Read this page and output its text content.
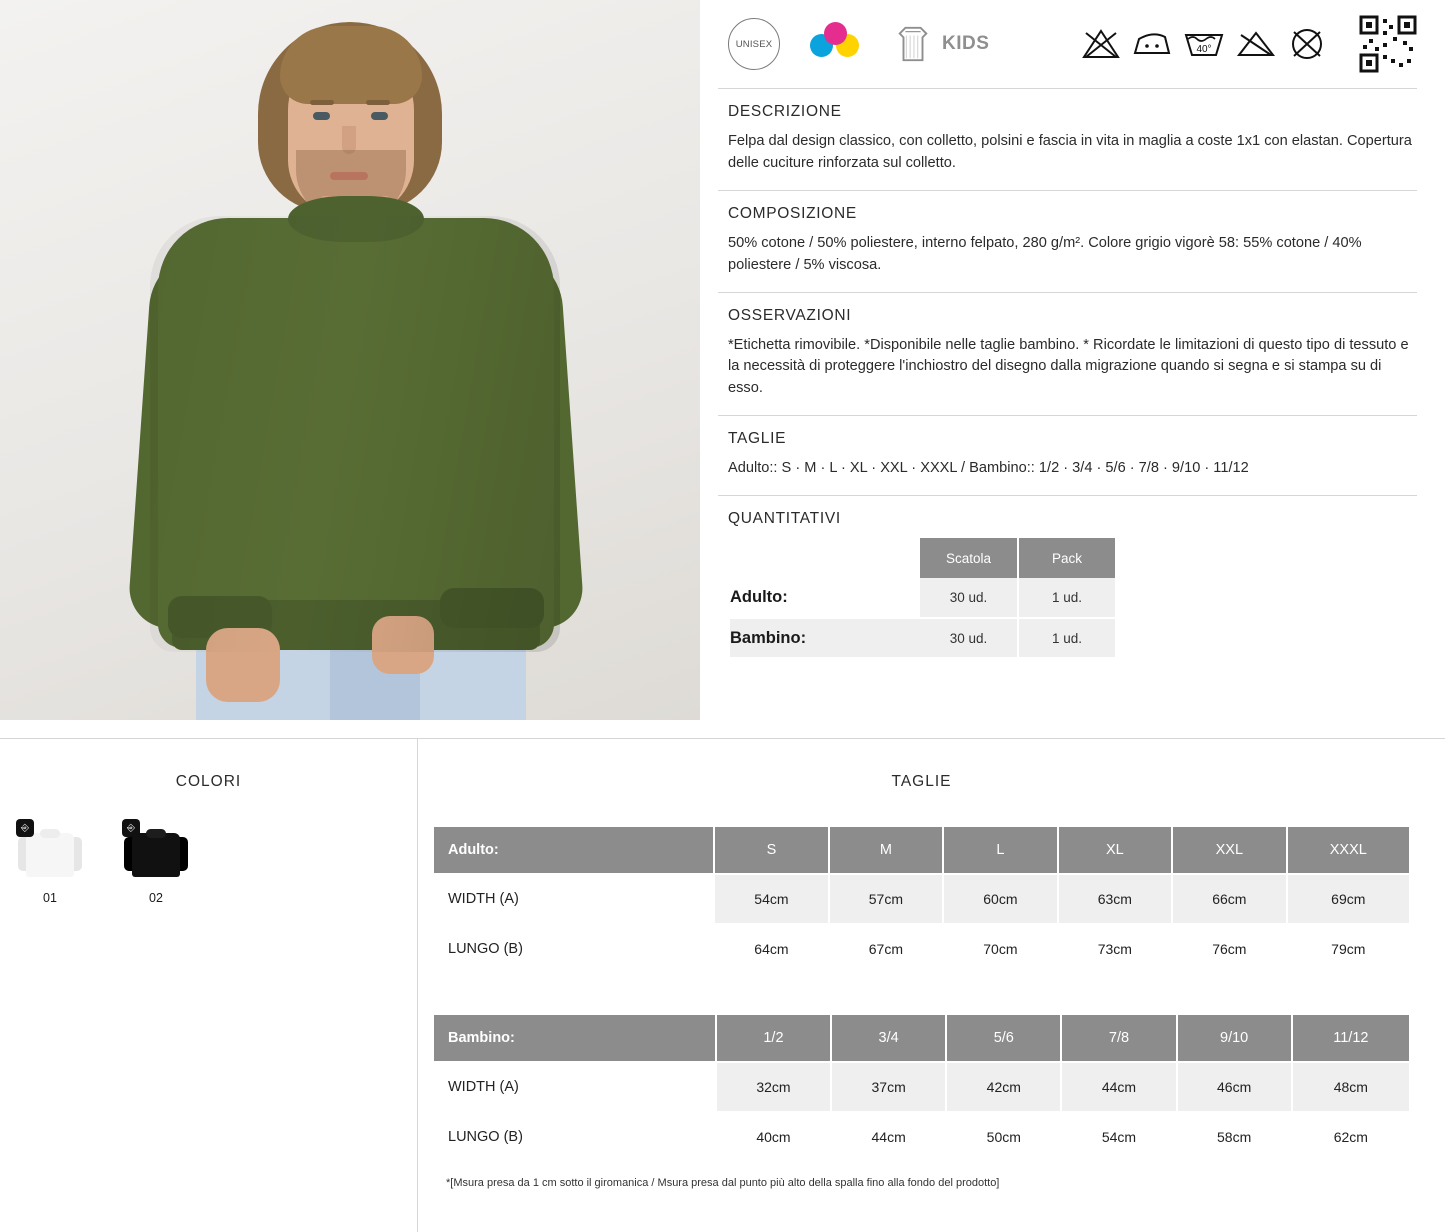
UNISEX	KIDS	40°
DESCRIZIONE

Felpa dal design classico, con colletto, polsini e fascia in vita in maglia a coste 1x1 con elastan. Copertura delle cuciture rinforzata sul colletto.

COMPOSIZIONE

50% cotone / 50% poliestere, interno felpato, 280 g/m². Colore grigio vigorè 58: 55% cotone / 40% poliestere / 5% viscosa.

OSSERVAZIONI

*Etichetta rimovibile. *Disponibile nelle taglie bambino. * Ricordate le limitazioni di questo tipo di tessuto e la necessità di proteggere l'inchiostro del disegno dalla migrazione quando si segna e si stampa su di esso.

TAGLIE

Adulto:: S · M · L · XL · XXL · XXXL / Bambino:: 1/2 · 3/4 · 5/6 · 7/8 · 9/10 · 11/12

QUANTITATIVI
	Scatola	Pack
Adulto:	30 ud.	1 ud.
Bambino:	30 ud.	1 ud.
COLORI
⎆
01
⎆
02
TAGLIE
Adulto:	S	M	L	XL	XXL	XXXL
WIDTH (A)	54cm	57cm	60cm	63cm	66cm	69cm
LUNGO (B)	64cm	67cm	70cm	73cm	76cm	79cm
Bambino:	1/2	3/4	5/6	7/8	9/10	11/12
WIDTH (A)	32cm	37cm	42cm	44cm	46cm	48cm
LUNGO (B)	40cm	44cm	50cm	54cm	58cm	62cm
*[Msura presa da 1 cm sotto il giromanica / Msura presa dal punto più alto della spalla fino alla fondo del prodotto]
